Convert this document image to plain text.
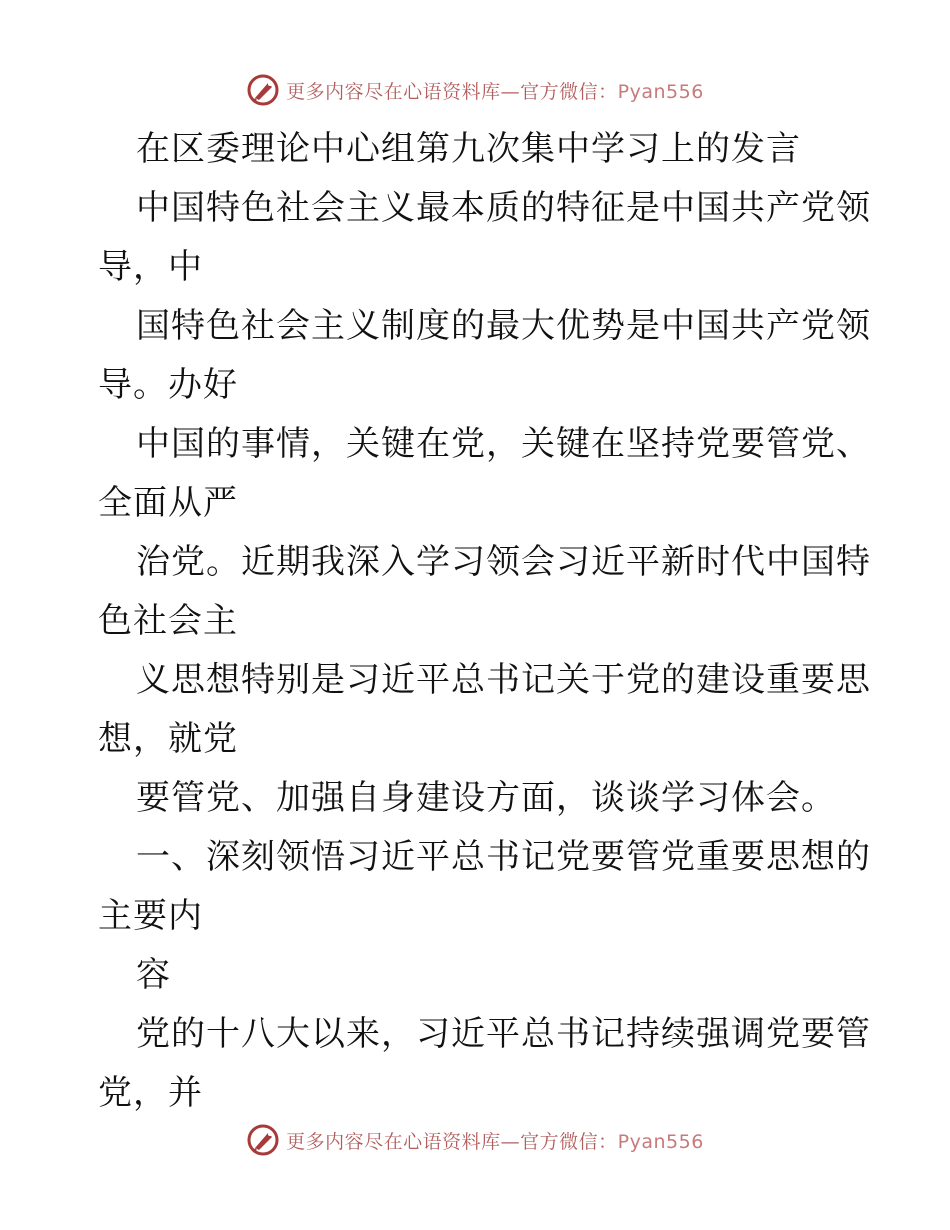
更多内容尽在心语资料库—官方微信：Pyan556
在区委理论中心组第九次集中学习上的发言
中国特色社会主义最本质的特征是中国共产党领
导，中
国特色社会主义制度的最大优势是中国共产党领
导。办好
中国的事情，关键在党，关键在坚持党要管党、
全面从严
治党。近期我深入学习领会习近平新时代中国特
色社会主
义思想特别是习近平总书记关于党的建设重要思
想，就党
要管党、加强自身建设方面，谈谈学习体会。
一、深刻领悟习近平总书记党要管党重要思想的
主要内
容
党的十八大以来，习近平总书记持续强调党要管
党，并
更多内容尽在心语资料库—官方微信：Pyan556
